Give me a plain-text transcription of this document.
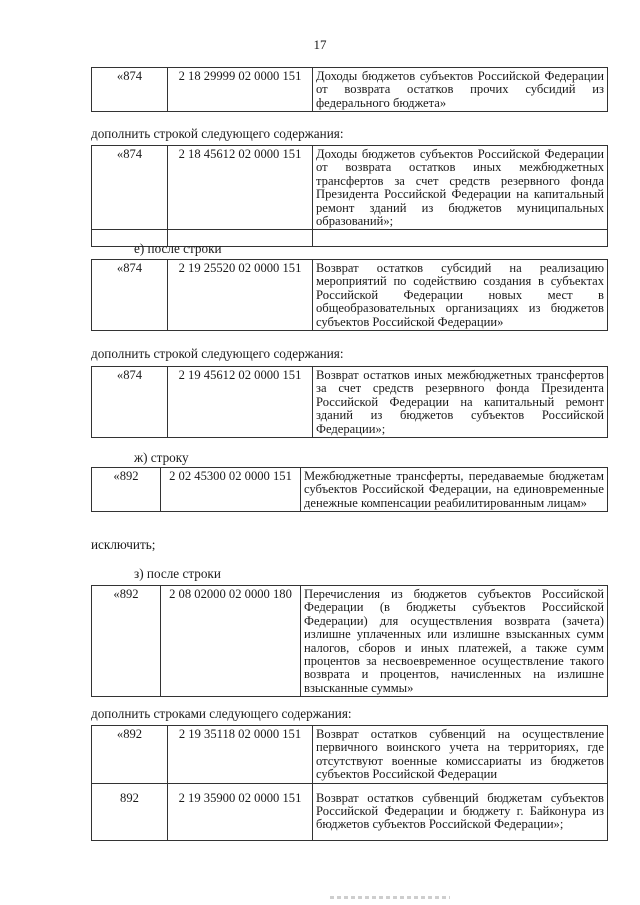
17
«874	2 18 29999 02 0000 151	Доходы бюджетов субъектов Российской Федерации от возврата остатков прочих субсидий из федерального бюджета»
дополнить строкой следующего содержания:
«874	2 18 45612 02 0000 151	Доходы бюджетов субъектов Российской Федерации от возврата остатков иных межбюджетных трансфертов за счет средств резервного фонда Президента Российской Федерации на капитальный ремонт зданий из бюджетов муниципальных образований»;

е) после строки
«874	2 19 25520 02 0000 151	Возврат остатков субсидий на реализацию мероприятий по содействию создания в субъектах Российской Федерации новых мест в общеобразовательных организациях из бюджетов субъектов Российской Федерации»
дополнить строкой следующего содержания:
«874	2 19 45612 02 0000 151	Возврат остатков иных межбюджетных трансфертов за счет средств резервного фонда Президента Российской Федерации на капитальный ремонт зданий из бюджетов субъектов Российской Федерации»;
ж) строку
«892	2 02 45300 02 0000 151	Межбюджетные трансферты, передаваемые бюджетам субъектов Российской Федерации, на единовременные денежные компенсации реабилитированным лицам»
исключить;
з) после строки
«892	2 08 02000 02 0000 180	Перечисления из бюджетов субъектов Российской Федерации (в бюджеты субъектов Российской Федерации) для осуществления возврата (зачета) излишне уплаченных или излишне взысканных сумм налогов, сборов и иных платежей, а также сумм процентов за несвоевременное осуществление такого возврата и процентов, начисленных на излишне взысканные суммы»
дополнить строками следующего содержания:
«892	2 19 35118 02 0000 151	Возврат остатков субвенций на осуществление первичного воинского учета на территориях, где отсутствуют военные комиссариаты из бюджетов субъектов Российской Федерации
892	2 19 35900 02 0000 151	Возврат остатков субвенций бюджетам субъектов Российской Федерации и бюджету г. Байконура из бюджетов субъектов Российской Федерации»;
